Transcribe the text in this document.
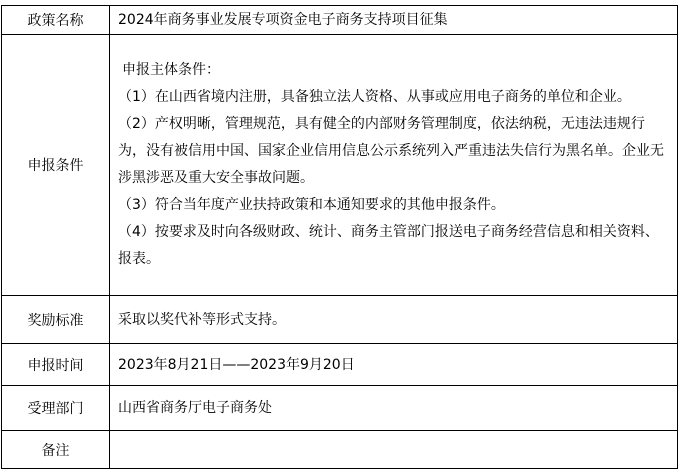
政策名称	2024年商务事业发展专项资金电子商务支持项目征集
申报条件	申报主体条件：
（1）在山西省境内注册，具备独立法人资格、从事或应用电子商务的单位和企业。
（2）产权明晰，管理规范，具有健全的内部财务管理制度，依法纳税，无违法违规行为，没有被信用中国、国家企业信用信息公示系统列入严重违法失信行为黑名单。企业无涉黑涉恶及重大安全事故问题。
（3）符合当年度产业扶持政策和本通知要求的其他申报条件。
（4）按要求及时向各级财政、统计、商务主管部门报送电子商务经营信息和相关资料、报表。

奖励标准	采取以奖代补等形式支持。
申报时间	2023年8月21日——2023年9月20日
受理部门	山西省商务厅电子商务处
备注	
